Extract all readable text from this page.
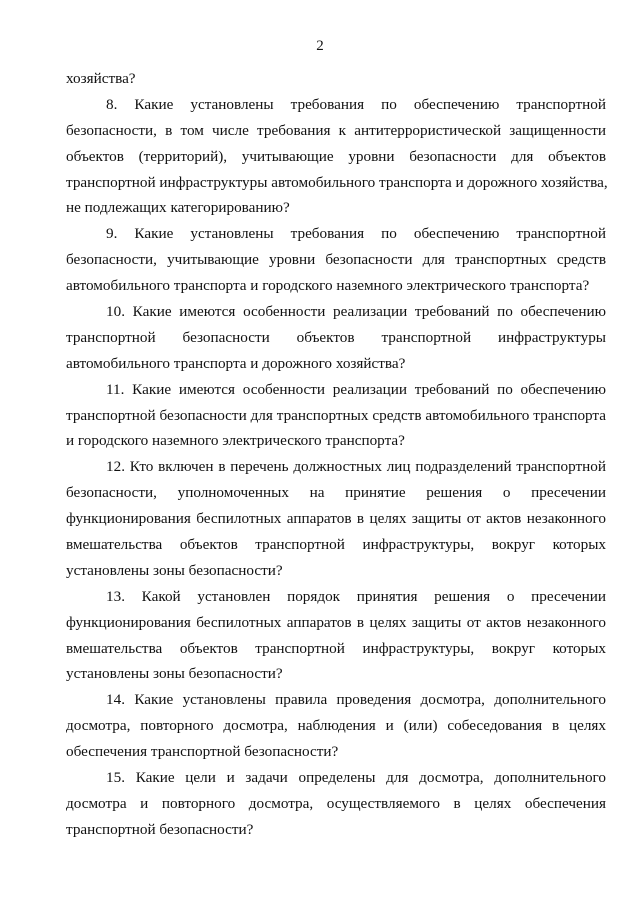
2
хозяйства?
8. Какие установлены требования по обеспечению транспортной
безопасности, в том числе требования к антитеррористической защищенности
объектов (территорий), учитывающие уровни безопасности для объектов
транспортной инфраструктуры автомобильного транспорта и дорожного хозяйства,
не подлежащих категорированию?
9. Какие установлены требования по обеспечению транспортной
безопасности, учитывающие уровни безопасности для транспортных средств
автомобильного транспорта и городского наземного электрического транспорта?
10. Какие имеются особенности реализации требований по обеспечению
транспортной безопасности объектов транспортной инфраструктуры
автомобильного транспорта и дорожного хозяйства?
11. Какие имеются особенности реализации требований по обеспечению
транспортной безопасности для транспортных средств автомобильного транспорта
и городского наземного электрического транспорта?
12. Кто включен в перечень должностных лиц подразделений транспортной
безопасности, уполномоченных на принятие решения о пресечении
функционирования беспилотных аппаратов в целях защиты от актов незаконного
вмешательства объектов транспортной инфраструктуры, вокруг которых
установлены зоны безопасности?
13. Какой установлен порядок принятия решения о пресечении
функционирования беспилотных аппаратов в целях защиты от актов незаконного
вмешательства объектов транспортной инфраструктуры, вокруг которых
установлены зоны безопасности?
14. Какие установлены правила проведения досмотра, дополнительного
досмотра, повторного досмотра, наблюдения и (или) собеседования в целях
обеспечения транспортной безопасности?
15. Какие цели и задачи определены для досмотра, дополнительного
досмотра и повторного досмотра, осуществляемого в целях обеспечения
транспортной безопасности?
